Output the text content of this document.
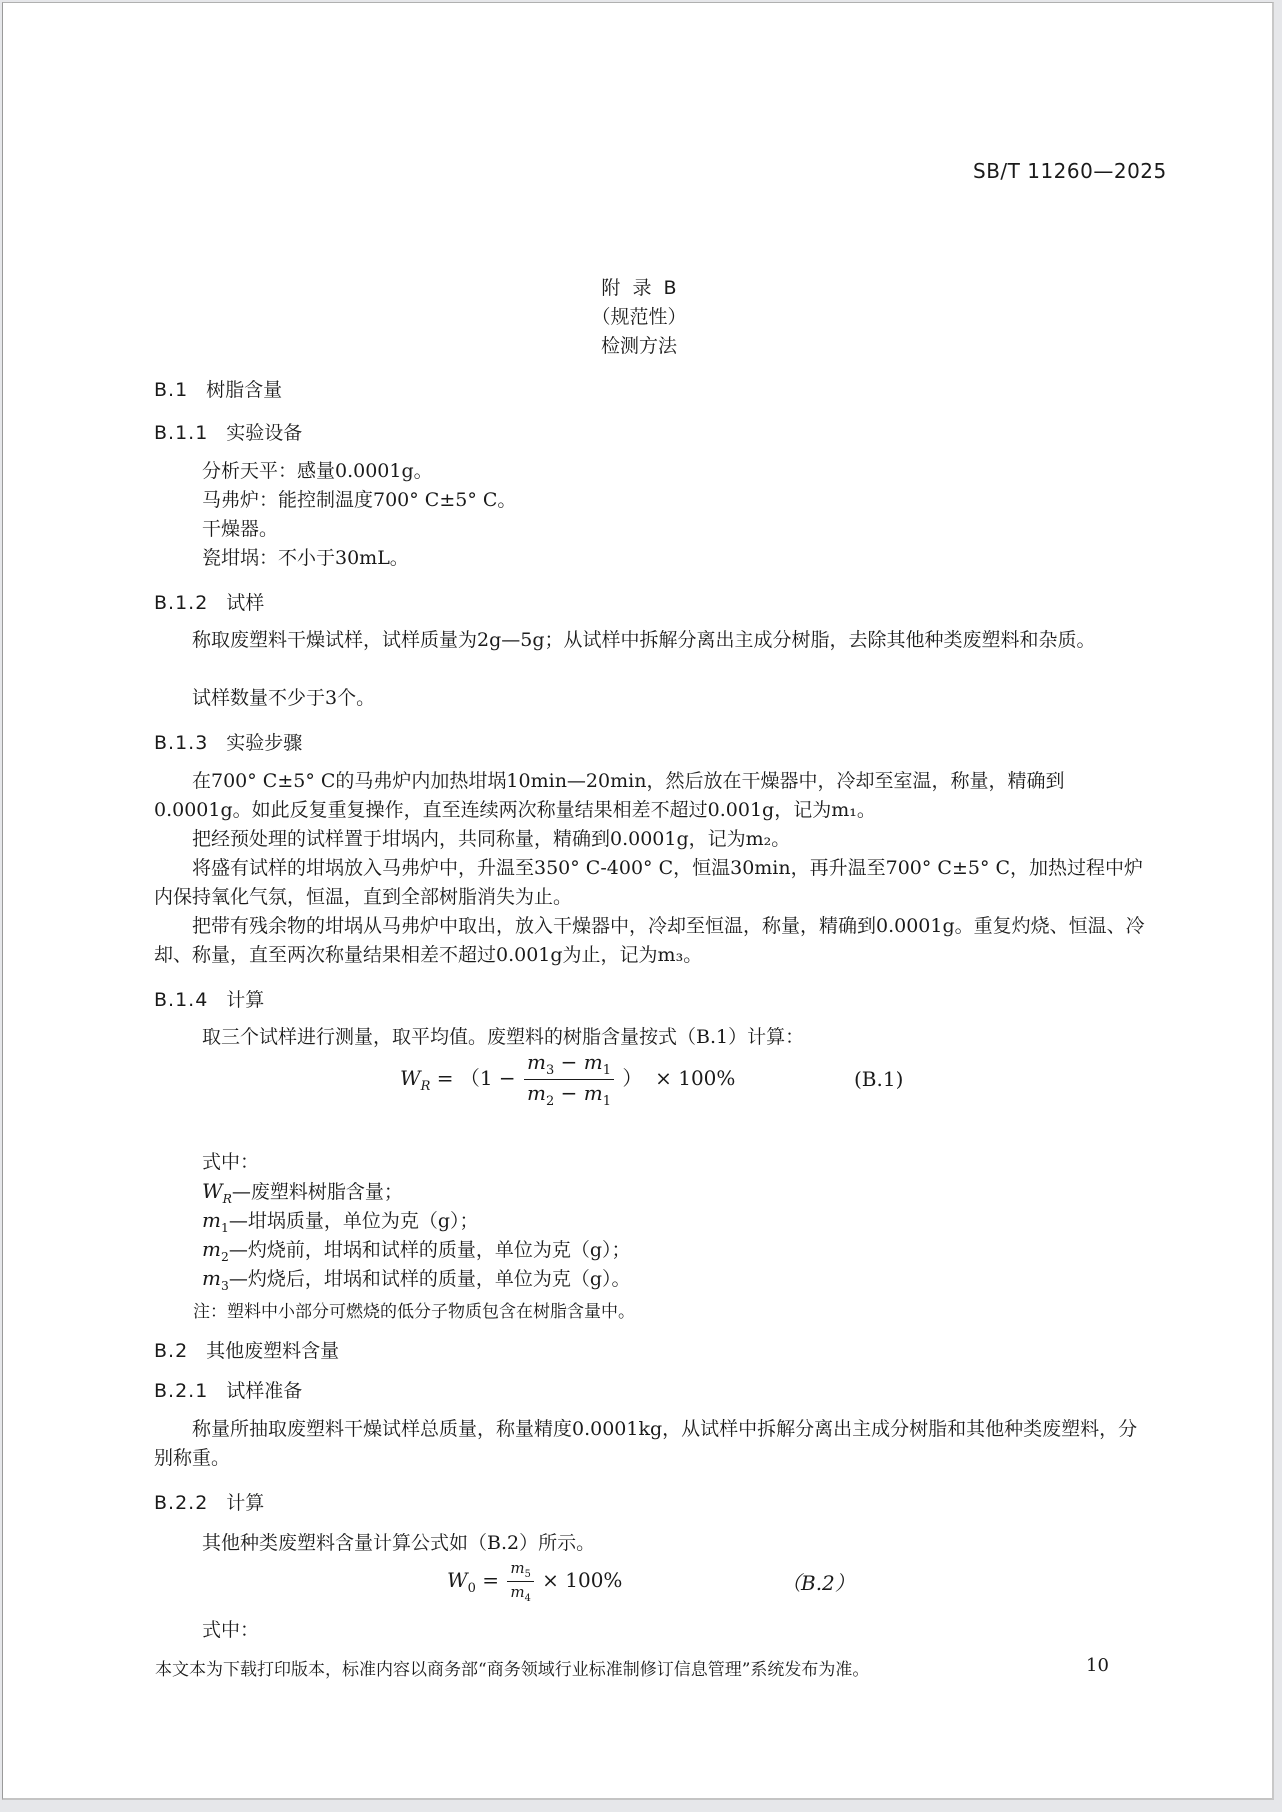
SB/T 11260—2025
附  录  B
（规范性）
检测方法
B.1 树脂含量
B.1.1 实验设备
分析天平：感量0.0001g。
马弗炉：能控制温度700° C±5° C。
干燥器。
瓷坩埚：不小于30mL。
B.1.2 试样
称取废塑料干燥试样，试样质量为2g—5g；从试样中拆解分离出主成分树脂，去除其他种类废塑料和杂质。
试样数量不少于3个。
B.1.3 实验步骤
在700° C±5° C的马弗炉内加热坩埚10min—20min，然后放在干燥器中，冷却至室温，称量，精确到0.0001g。如此反复重复操作，直至连续两次称量结果相差不超过0.001g，记为m₁。
把经预处理的试样置于坩埚内，共同称量，精确到0.0001g，记为m₂。
将盛有试样的坩埚放入马弗炉中，升温至350° C-400° C，恒温30min，再升温至700° C±5° C，加热过程中炉内保持氧化气氛，恒温，直到全部树脂消失为止。
把带有残余物的坩埚从马弗炉中取出，放入干燥器中，冷却至恒温，称量，精确到0.0001g。重复灼烧、恒温、冷却、称量，直至两次称量结果相差不超过0.001g为止，记为m₃。
B.1.4 计算
取三个试样进行测量，取平均值。废塑料的树脂含量按式（B.1）计算：
$W_R = (1 - \frac{m_3 - m_1}{m_2 - m_1}$ ）  × 100%	(B.1)
式中：
$W_R—$废塑料树脂含量；
$m_1—$坩埚质量，单位为克（g）；
$m_2—$灼烧前，坩埚和试样的质量，单位为克（g）；
$m_3—$灼烧后，坩埚和试样的质量，单位为克（g）。
注：塑料中小部分可燃烧的低分子物质包含在树脂含量中。
B.2 其他废塑料含量
B.2.1 试样准备
称量所抽取废塑料干燥试样总质量，称量精度0.0001kg，从试样中拆解分离出主成分树脂和其他种类废塑料，分别称重。
B.2.2 计算
其他种类废塑料含量计算公式如（B.2）所示。
$W_0 = \frac{m_5}{m_4} \times 100\%$	（B.2）
式中：
本文本为下载打印版本，标准内容以商务部“商务领域行业标准制修订信息管理”系统发布为准。	10
